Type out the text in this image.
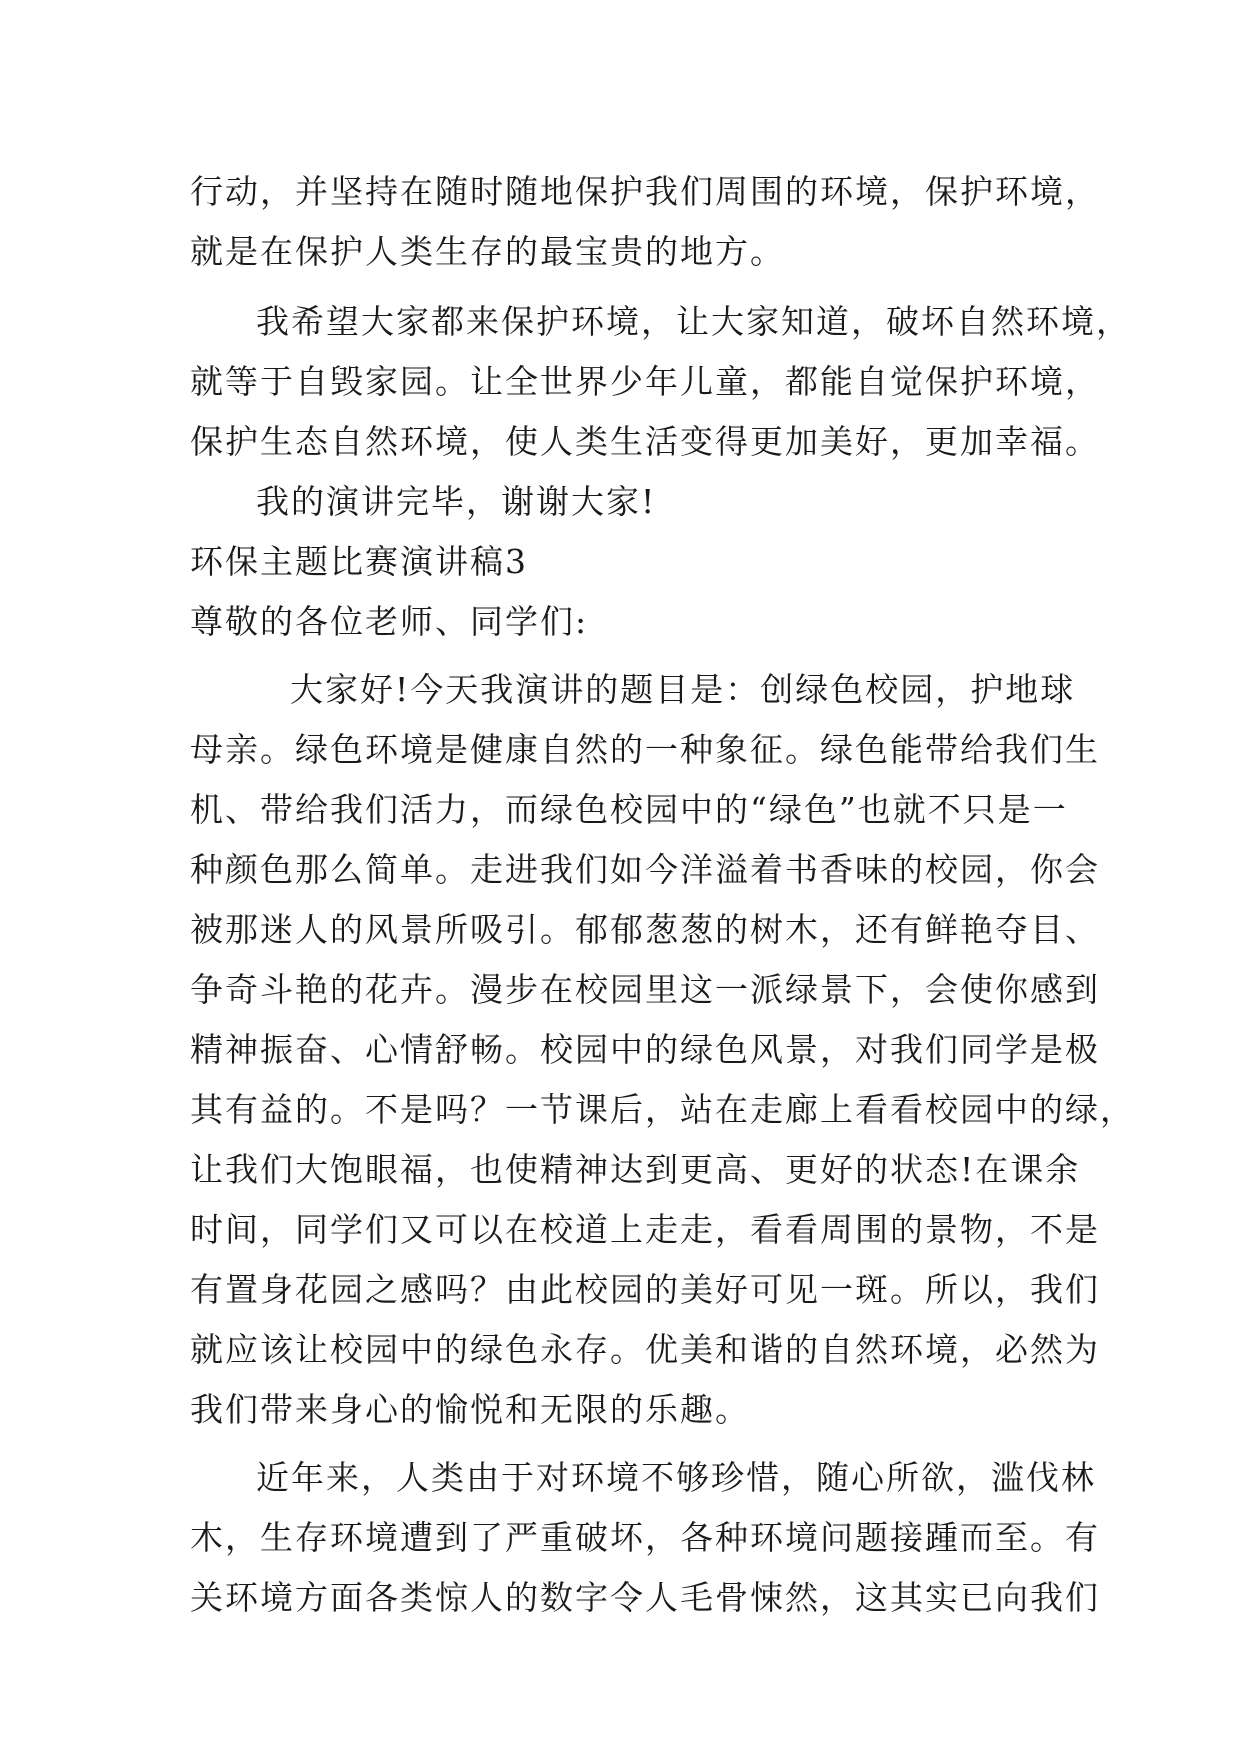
行动，并坚持在随时随地保护我们周围的环境，保护环境，
就是在保护人类生存的最宝贵的地方。
我希望大家都来保护环境，让大家知道，破坏自然环境，
就等于自毁家园。让全世界少年儿童，都能自觉保护环境，
保护生态自然环境，使人类生活变得更加美好，更加幸福。
我的演讲完毕，谢谢大家!
环保主题比赛演讲稿3
尊敬的各位老师、同学们:
大家好!今天我演讲的题目是：创绿色校园，护地球
母亲。绿色环境是健康自然的一种象征。绿色能带给我们生
机、带给我们活力，而绿色校园中的“绿色”也就不只是一
种颜色那么简单。走进我们如今洋溢着书香味的校园，你会
被那迷人的风景所吸引。郁郁葱葱的树木，还有鲜艳夺目、
争奇斗艳的花卉。漫步在校园里这一派绿景下，会使你感到
精神振奋、心情舒畅。校园中的绿色风景，对我们同学是极
其有益的。不是吗？一节课后，站在走廊上看看校园中的绿，
让我们大饱眼福，也使精神达到更高、更好的状态!在课余
时间，同学们又可以在校道上走走，看看周围的景物，不是
有置身花园之感吗？由此校园的美好可见一斑。所以，我们
就应该让校园中的绿色永存。优美和谐的自然环境，必然为
我们带来身心的愉悦和无限的乐趣。
近年来，人类由于对环境不够珍惜，随心所欲，滥伐林
木，生存环境遭到了严重破坏，各种环境问题接踵而至。有
关环境方面各类惊人的数字令人毛骨悚然，这其实已向我们
